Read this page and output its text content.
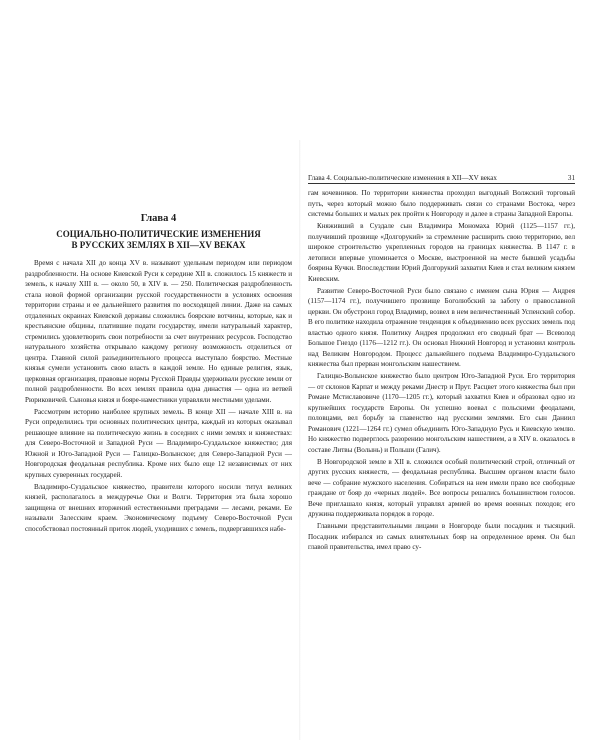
Глава 4
СОЦИАЛЬНО-ПОЛИТИЧЕСКИЕ ИЗМЕНЕНИЯ
В РУССКИХ ЗЕМЛЯХ В XII—XV ВЕКАХ

Время с начала XII до конца XV в. называют удельным периодом или периодом раздробленности. На основе Киевской Руси к середине XII в. сложилось 15 княжеств и земель, к началу XIII в. — около 50, в XIV в. — 250. Политическая раздробленность стала новой формой организации русской государственности в условиях освоения территории страны и ее дальнейшего развития по восходящей линии. Даже на самых отдаленных окраинах Киевской державы сложились боярские вотчины, которые, как и крестьянские общины, платившие подати государству, имели натуральный характер, стремились удовлетворить свои потребности за счет внутренних ресурсов. Господство натурального хозяйства открывало каждому региону возможность отделиться от центра. Главной силой разъединительного процесса выступало боярство. Местные князья сумели установить свою власть в каждой земле. Но единые религия, язык, церковная организация, правовые нормы Русской Правды удерживали русские земли от полной раздробленности. Во всех землях правила одна династия — одна из ветвей Рюриковичей. Сыновья князя и бояре-наместники управляли местными уделами.

Рассмотрим историю наиболее крупных земель. В конце XII — начале XIII в. на Руси определились три основных политических центра, каждый из которых оказывал решающее влияние на политическую жизнь в соседних с ними землях и княжествах: для Северо-Восточной и Западной Руси — Владимиро-Суздальское княжество; для Южной и Юго-Западной Руси — Галицко-Волынское; для Северо-Западной Руси — Новгородская феодальная республика. Кроме них было еще 12 независимых от них крупных суверенных государей.

Владимиро-Суздальское княжество, правители которого носили титул великих князей, располагалось в междуречье Оки и Волги. Территория эта была хорошо защищена от внешних вторжений естественными преградами — лесами, реками. Ее называли Залесским краем. Экономическому подъему Северо-Восточной Руси способствовал постоянный приток людей, уходивших с земель, подвергавшихся набе-

Глава 4. Социально-политические изменения в XII—XV веках	31

гам кочевников. По территории княжества проходил выгодный Волжский торговый путь, через который можно было поддерживать связи со странами Востока, через системы больших и малых рек пройти к Новгороду и далее в страны Западной Европы.

Княживший в Суздале сын Владимира Мономаха Юрий (1125—1157 гг.), получивший прозвище «Долгорукий» за стремление расширить свою территорию, вел широкое строительство укрепленных городов на границах княжества. В 1147 г. в летописи впервые упоминается о Москве, выстроенной на месте бывшей усадьбы боярина Кучки. Впоследствии Юрий Долгорукий захватил Киев и стал великим князем Киевским.

Развитие Северо-Восточной Руси было связано с именем сына Юрия — Андрея (1157—1174 гг.), получившего прозвище Боголюбский за заботу о православной церкви. Он обустроил город Владимир, возвел в нем величественный Успенский собор. В его политике находила отражение тенденция к объединению всех русских земель под властью одного князя. Политику Андрея продолжил его сводный брат — Всеволод Большое Гнездо (1176—1212 гг.). Он основал Нижний Новгород и установил контроль над Великим Новгородом. Процесс дальнейшего подъема Владимиро-Суздальского княжества был прерван монгольским нашествием.

Галицко-Волынское княжество было центром Юго-Западной Руси. Его территория — от склонов Карпат и между реками Днестр и Прут. Расцвет этого княжества был при Романе Мстиславовиче (1170—1205 гг.), который захватил Киев и образовал одно из крупнейших государств Европы. Он успешно воевал с польскими феодалами, половцами, вел борьбу за главенство над русскими землями. Его сын Даниил Романович (1221—1264 гг.) сумел объединить Юго-Западную Русь и Киевскую землю. Но княжество подверглось разорению монгольским нашествием, а в XIV в. оказалось в составе Литвы (Волынь) и Польши (Галич).

В Новгородской земле в XII в. сложился особый политический строй, отличный от других русских княжеств, — феодальная республика. Высшим органом власти было вече — собрание мужского населения. Собираться на нем имели право все свободные граждане от бояр до «черных людей». Все вопросы решались большинством голосов. Вече приглашало князя, который управлял армией во время военных походов; его дружина поддерживала порядок в городе.

Главными представительными лицами в Новгороде были посадник и тысяцкий. Посадник избирался из самых влиятельных бояр на определенное время. Он был главой правительства, имел право су-
